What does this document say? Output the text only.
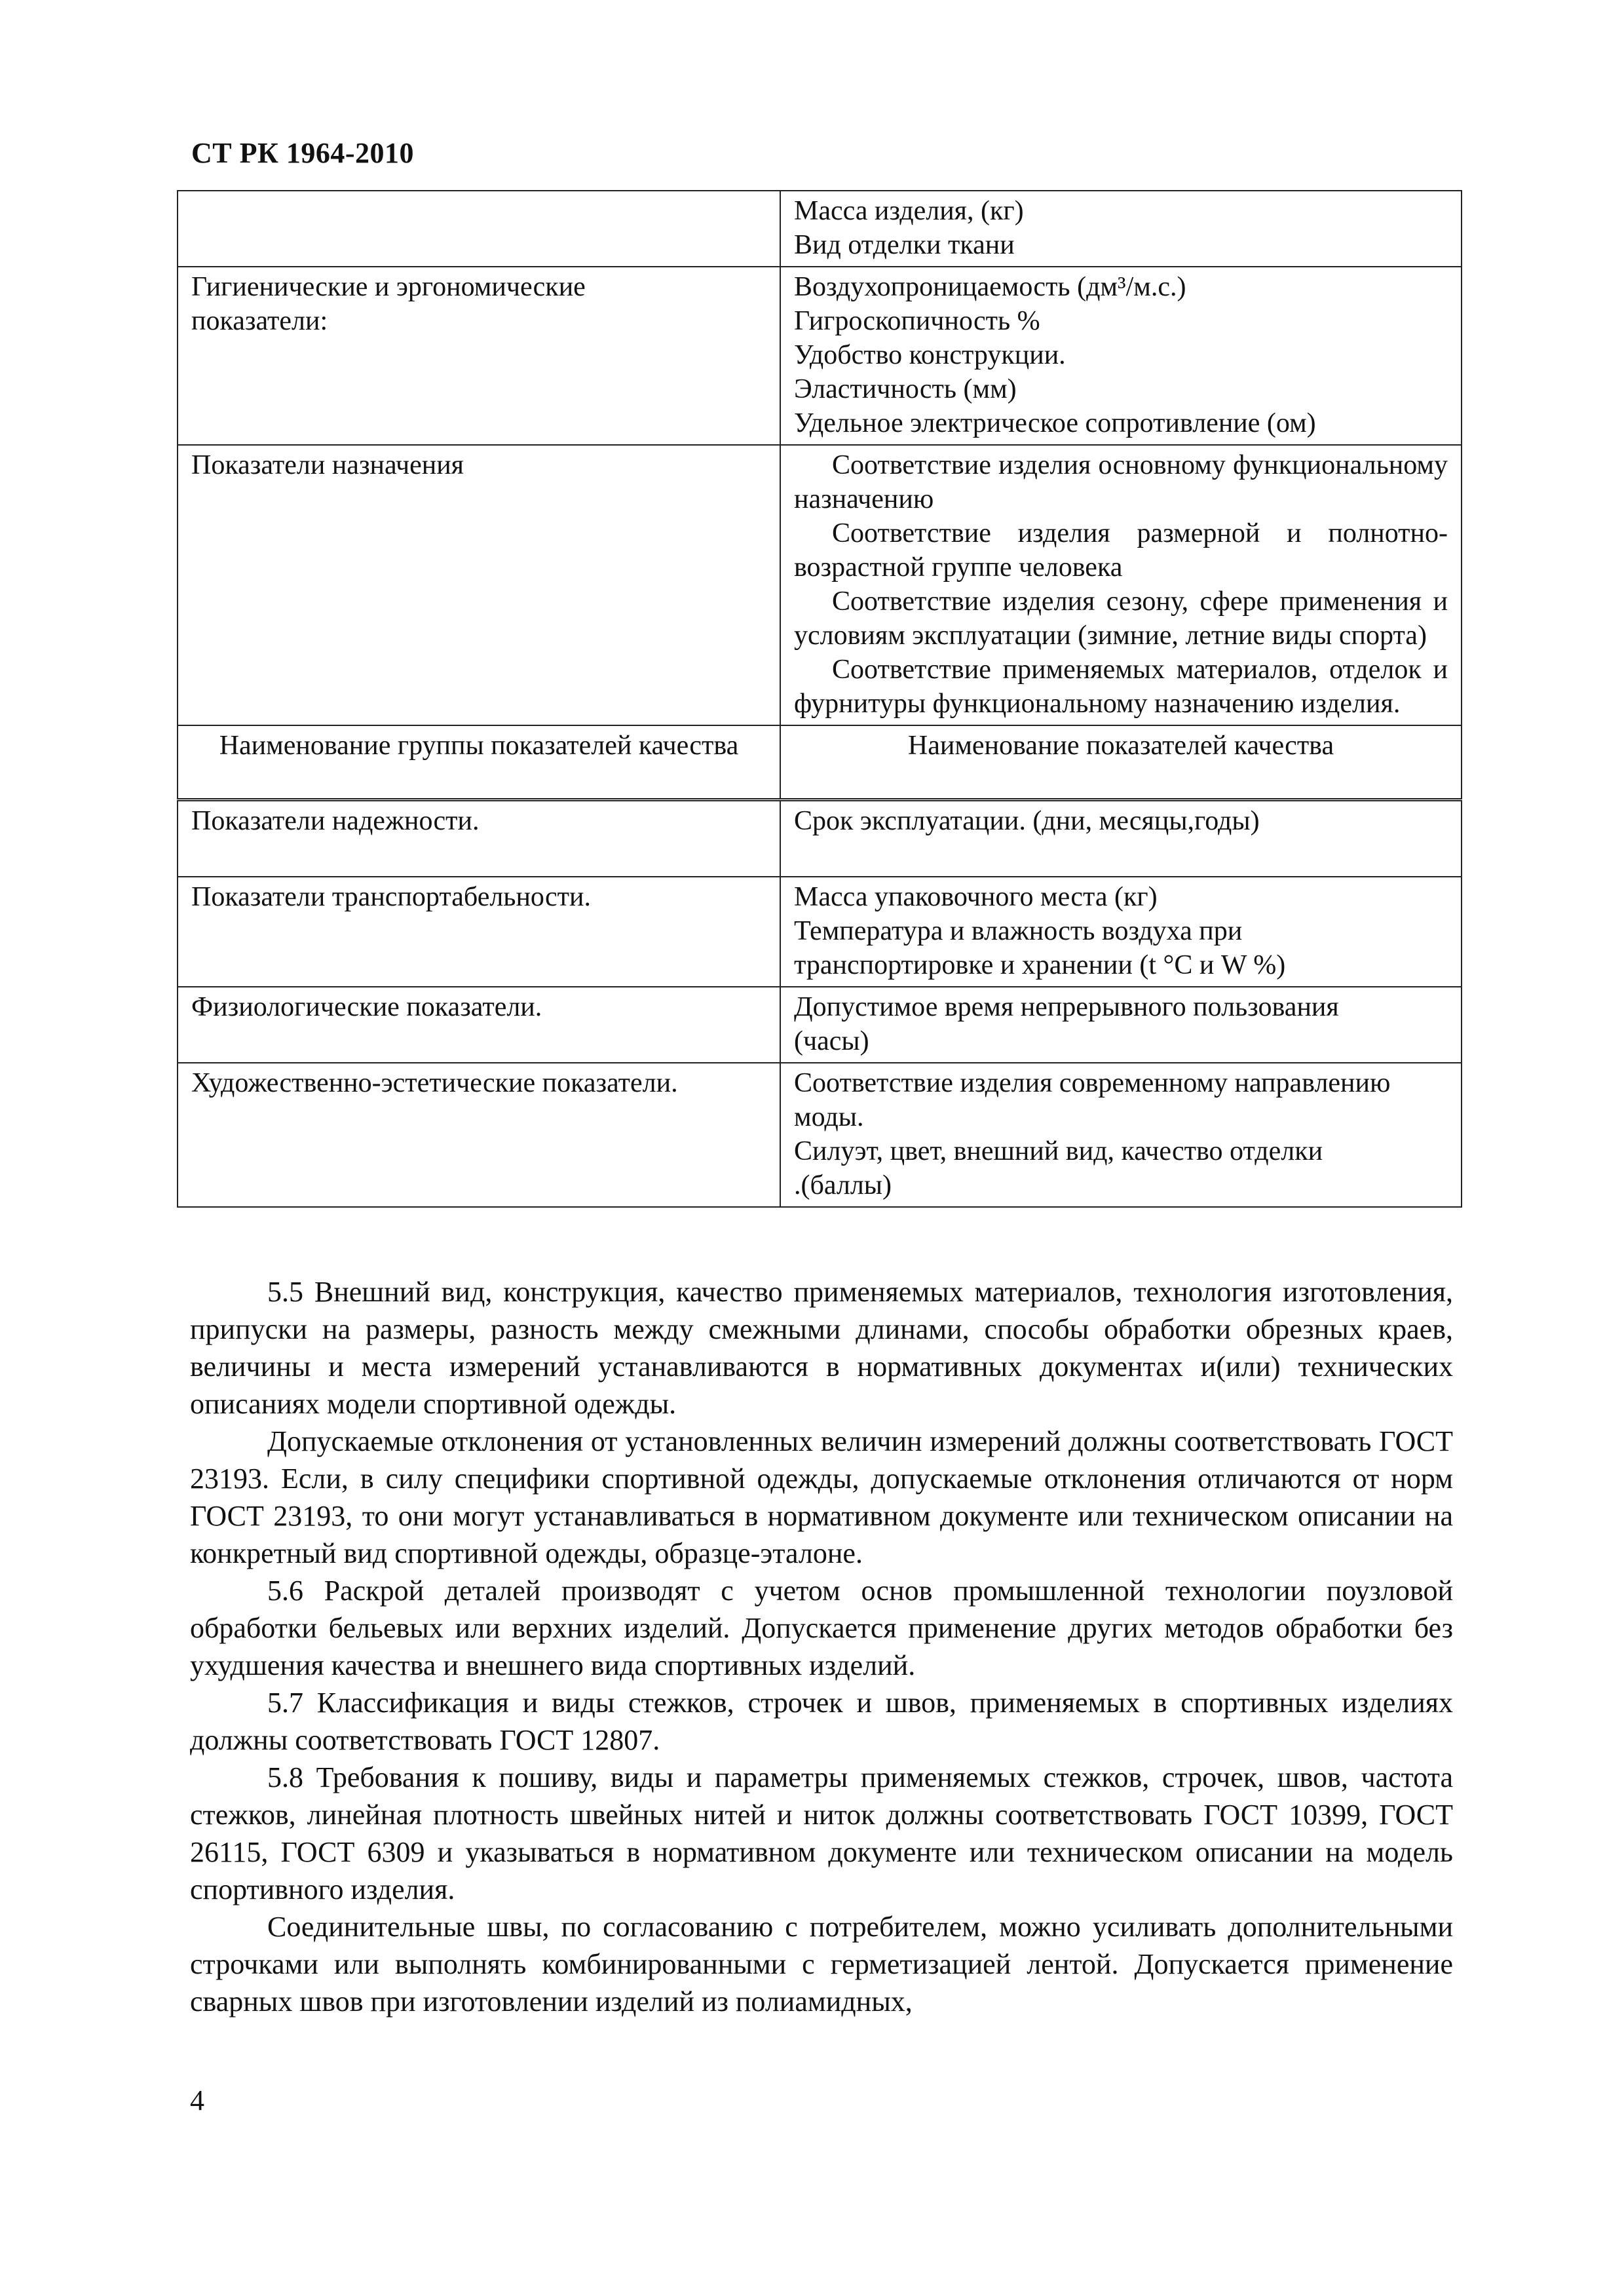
СТ РК 1964-2010

	Масса изделия, (кг)
Вид отделки ткани

Гигиенические и эргономические
показатели:	Воздухопроницаемость (дм³/м.с.)
Гигроскопичность %
Удобство конструкции.
Эластичность (мм)
Удельное электрическое сопротивление (ом)

Показатели назначения	Соответствие изделия основному функциональному назначению
Соответствие изделия размерной и полнотно-возрастной группе человека
Соответствие изделия сезону, сфере применения и условиям эксплуатации (зимние, летние виды спорта)
Соответствие применяемых материалов, отделок и фурнитуры функциональному назначению изделия.

Наименование группы показателей качества	Наименование показателей качества
Показатели надежности.	Срок эксплуатации. (дни, месяцы,годы)

Показатели транспортабельности.	Масса упаковочного места (кг)
Температура и влажность воздуха при
транспортировке и хранении (t °С и W %)

Физиологические показатели.	Допустимое время непрерывного пользования
(часы)

Художественно-эстетические показатели.	Соответствие изделия современному направлению
моды.
Силуэт, цвет, внешний вид, качество отделки
.(баллы)

5.5 Внешний вид, конструкция, качество применяемых материалов, технология изготовления, припуски на размеры, разность между смежными длинами, способы обработки обрезных краев, величины и места измерений устанавливаются в нормативных документах и(или) технических описаниях модели спортивной одежды.

Допускаемые отклонения от установленных величин измерений должны соответствовать ГОСТ 23193. Если, в силу специфики спортивной одежды, допускаемые отклонения отличаются от норм ГОСТ 23193, то они могут устанавливаться в нормативном документе или техническом описании на конкретный вид спортивной одежды, образце-эталоне.

5.6 Раскрой деталей производят с учетом основ промышленной технологии поузловой обработки бельевых или верхних изделий. Допускается применение других методов обработки без ухудшения качества и внешнего вида спортивных изделий.

5.7 Классификация и виды стежков, строчек и швов, применяемых в спортивных изделиях должны соответствовать ГОСТ 12807.

5.8 Требования к пошиву, виды и параметры применяемых стежков, строчек, швов, частота стежков, линейная плотность швейных нитей и ниток должны соответствовать ГОСТ 10399, ГОСТ 26115, ГОСТ 6309 и указываться в нормативном документе или техническом описании на модель спортивного изделия.

Соединительные швы, по согласованию с потребителем, можно усиливать дополнительными строчками или выполнять комбинированными с герметизацией лентой. Допускается применение сварных швов при изготовлении изделий из полиамидных,

4
